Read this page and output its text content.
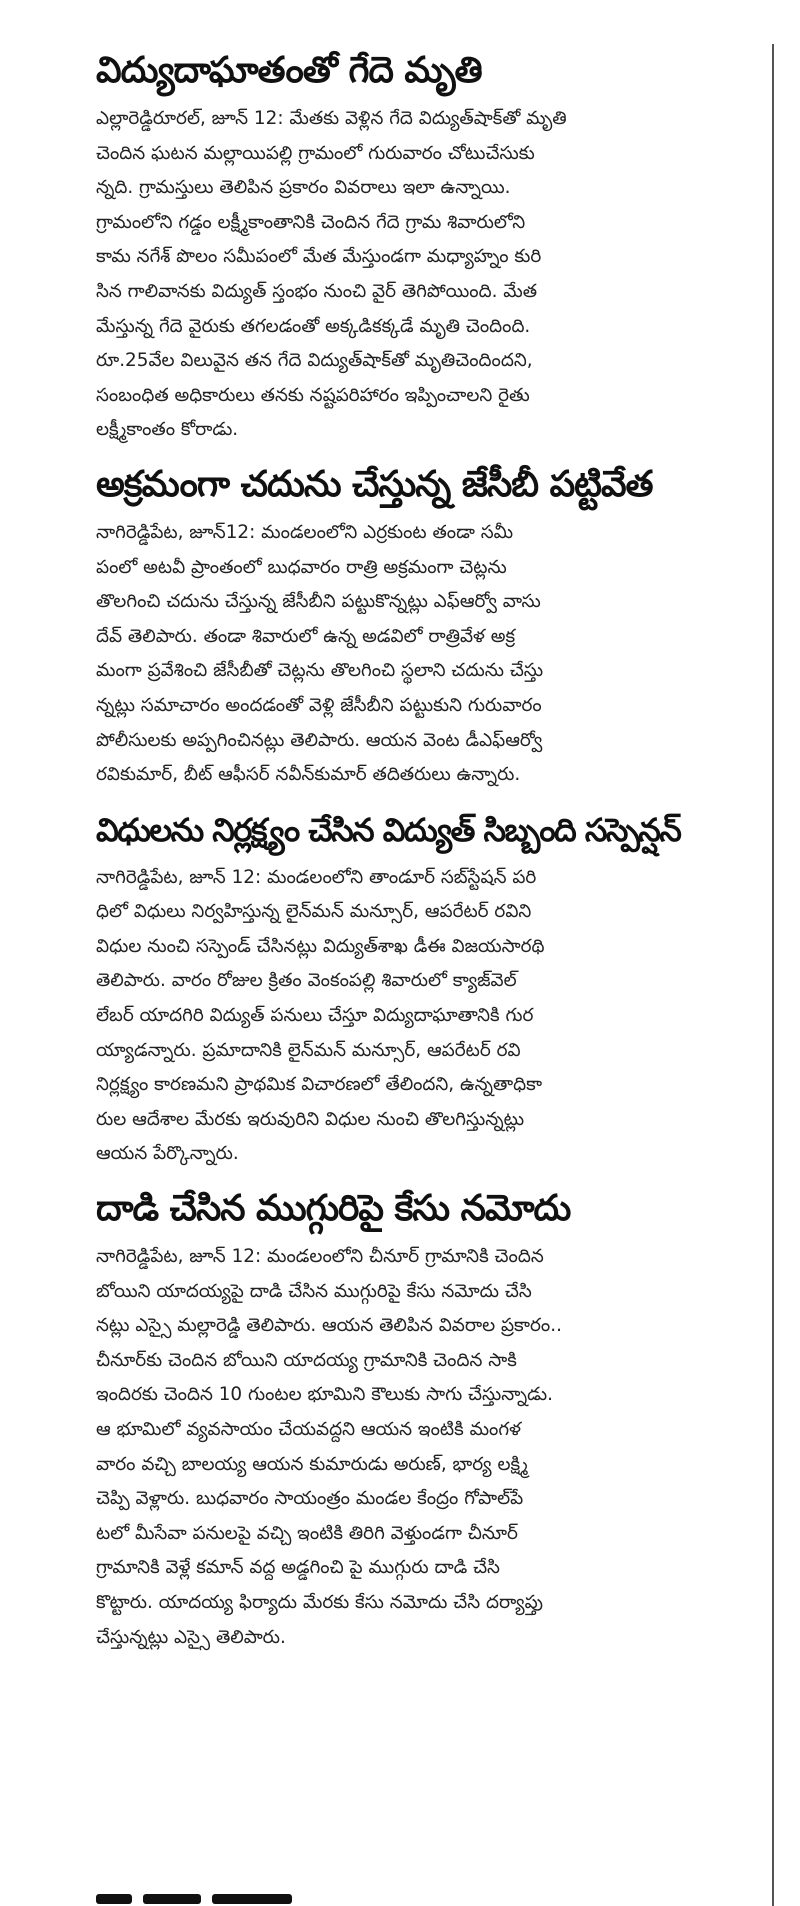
విద్యుదాఘాతంతో గేదె మృతి

ఎల్లారెడ్డిరూరల్, జూన్ 12: మేతకు వెళ్లిన గేదె విద్యుత్‌షాక్‌తో మృతి
చెందిన ఘటన మల్లాయిపల్లి గ్రామంలో గురువారం చోటుచేసుకు
న్నది. గ్రామస్తులు తెలిపిన ప్రకారం వివరాలు ఇలా ఉన్నాయి.
గ్రామంలోని గడ్డం లక్ష్మీకాంతానికి చెందిన గేదె గ్రామ శివారులోని
కామ నగేశ్ పొలం సమీపంలో మేత మేస్తుండగా మధ్యాహ్నం కురి
సిన గాలివానకు విద్యుత్ స్తంభం నుంచి వైర్ తెగిపోయింది. మేత
మేస్తున్న గేదె వైరుకు తగలడంతో అక్కడికక్కడే మృతి చెందింది.
రూ.25వేల విలువైన తన గేదె విద్యుత్‌షాక్‌తో మృతిచెందిందని,
సంబంధిత అధికారులు తనకు నష్టపరిహారం ఇప్పించాలని రైతు
లక్ష్మీకాంతం కోరాడు.

అక్రమంగా చదును చేస్తున్న జేసీబీ పట్టివేత

నాగిరెడ్డిపేట, జూన్12: మండలంలోని ఎర్రకుంట తండా సమీ
పంలో అటవీ ప్రాంతంలో బుధవారం రాత్రి అక్రమంగా చెట్లను
తొలగించి చదును చేస్తున్న జేసీబీని పట్టుకొన్నట్లు ఎఫ్ఆర్వో వాసు
దేవ్ తెలిపారు. తండా శివారులో ఉన్న అడవిలో రాత్రివేళ అక్ర
మంగా ప్రవేశించి జేసీబీతో చెట్లను తొలగించి స్థలాని చదును చేస్తు
న్నట్లు సమాచారం అందడంతో వెళ్లి జేసీబీని పట్టుకుని గురువారం
పోలీసులకు అప్పగించినట్లు తెలిపారు. ఆయన వెంట డీఎఫ్ఆర్వో
రవికుమార్, బీట్ ఆఫీసర్ నవీన్‌కుమార్ తదితరులు ఉన్నారు.

విధులను నిర్లక్ష్యం చేసిన విద్యుత్ సిబ్బంది సస్పెన్షన్

నాగిరెడ్డిపేట, జూన్ 12: మండలంలోని తాండూర్ సబ్‌స్టేషన్ పరి
ధిలో విధులు నిర్వహిస్తున్న లైన్‌మన్ మన్సూర్, ఆపరేటర్ రవిని
విధుల నుంచి సస్పెండ్ చేసినట్లు విద్యుత్‌శాఖ డీఈ విజయసారథి
తెలిపారు. వారం రోజుల క్రితం వెంకంపల్లి శివారులో క్యాజ్‌వెల్
లేబర్ యాదగిరి విద్యుత్ పనులు చేస్తూ విద్యుదాఘాతానికి గుర
య్యాడన్నారు. ప్రమాదానికి లైన్‌మన్ మన్సూర్, ఆపరేటర్ రవి
నిర్లక్ష్యం కారణమని ప్రాథమిక విచారణలో తేలిందని, ఉన్నతాధికా
రుల ఆదేశాల మేరకు ఇరువురిని విధుల నుంచి తొలగిస్తున్నట్లు
ఆయన పేర్కొన్నారు.

దాడి చేసిన ముగ్గురిపై కేసు నమోదు

నాగిరెడ్డిపేట, జూన్ 12: మండలంలోని చీనూర్ గ్రామానికి చెందిన
బోయిని యాదయ్యపై దాడి చేసిన ముగ్గురిపై కేసు నమోదు చేసి
నట్లు ఎస్సై మల్లారెడ్డి తెలిపారు. ఆయన తెలిపిన వివరాల ప్రకారం..
చీనూర్‌కు చెందిన బోయిని యాదయ్య గ్రామానికి చెందిన సాకి
ఇందిరకు చెందిన 10 గుంటల భూమిని కౌలుకు సాగు చేస్తున్నాడు.
ఆ భూమిలో వ్యవసాయం చేయవద్దని ఆయన ఇంటికి మంగళ
వారం వచ్చి బాలయ్య ఆయన కుమారుడు అరుణ్, భార్య లక్ష్మి
చెప్పి వెళ్లారు. బుధవారం సాయంత్రం మండల కేంద్రం గోపాల్‌పే
టలో మీసేవా పనులపై వచ్చి ఇంటికి తిరిగి వెళ్తుండగా చీనూర్
గ్రామానికి వెళ్లే కమాన్ వద్ద అడ్డగించి పై ముగ్గురు దాడి చేసి
కొట్టారు. యాదయ్య ఫిర్యాదు మేరకు కేసు నమోదు చేసి దర్యాప్తు
చేస్తున్నట్లు ఎస్సై తెలిపారు.
